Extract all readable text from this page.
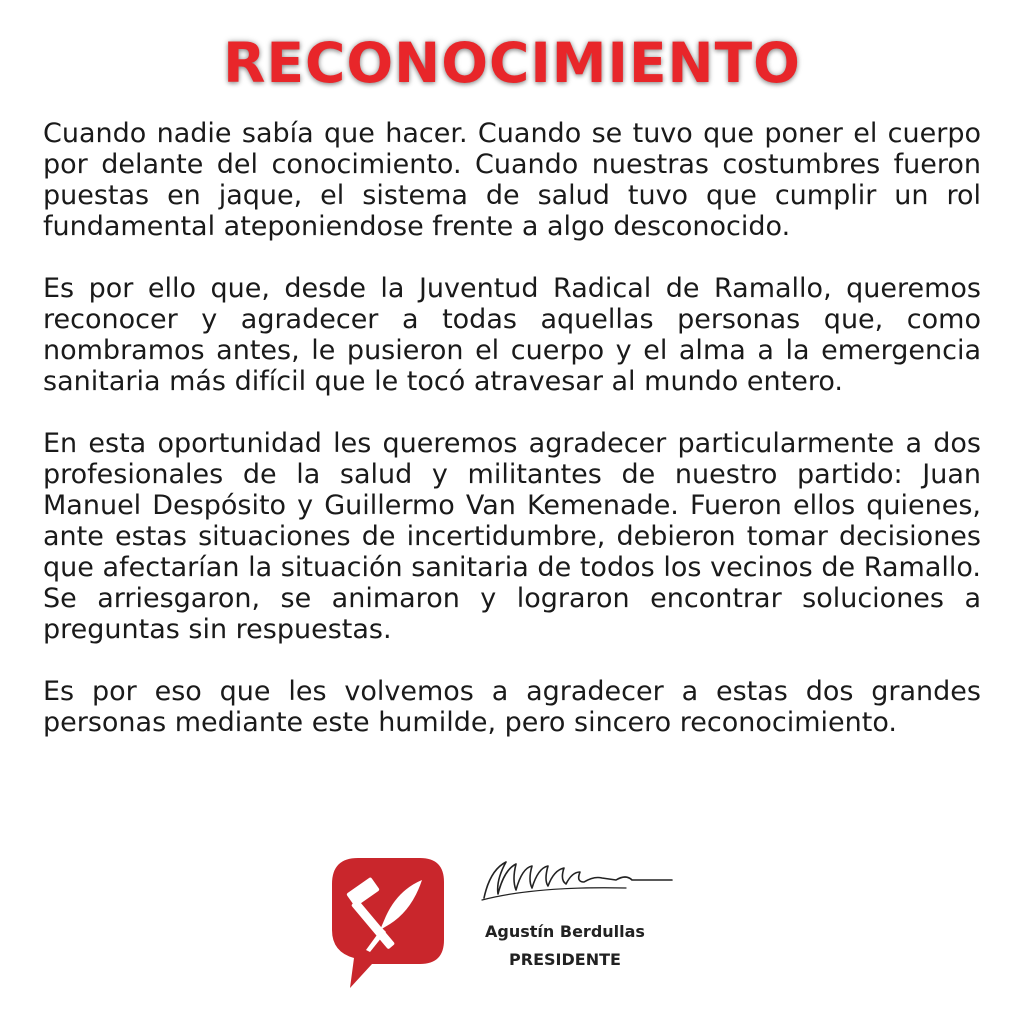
RECONOCIMIENTO

Cuando nadie sabía que hacer. Cuando se tuvo que poner el cuerpo por delante del conocimiento. Cuando nuestras costumbres fueron puestas en jaque, el sistema de salud tuvo que cumplir un rol fundamental ateponiendose frente a algo desconocido.

Es por ello que, desde la Juventud Radical de Ramallo, queremos reconocer y agradecer a todas aquellas personas que, como nombramos antes, le pusieron el cuerpo y el alma a la emergencia sanitaria más difícil que le tocó atravesar al mundo entero.

En esta oportunidad les queremos agradecer particularmente a dos profesionales de la salud y militantes de nuestro partido: Juan Manuel Despósito y Guillermo Van Kemenade. Fueron ellos quienes, ante estas situaciones de incertidumbre, debieron tomar decisiones que afectarían la situación sanitaria de todos los vecinos de Ramallo. Se arriesgaron, se animaron y lograron encontrar soluciones a preguntas sin respuestas.

Es por eso que les volvemos a agradecer a estas dos grandes personas mediante este humilde, pero sincero reconocimiento.

Agustín Berdullas
PRESIDENTE
